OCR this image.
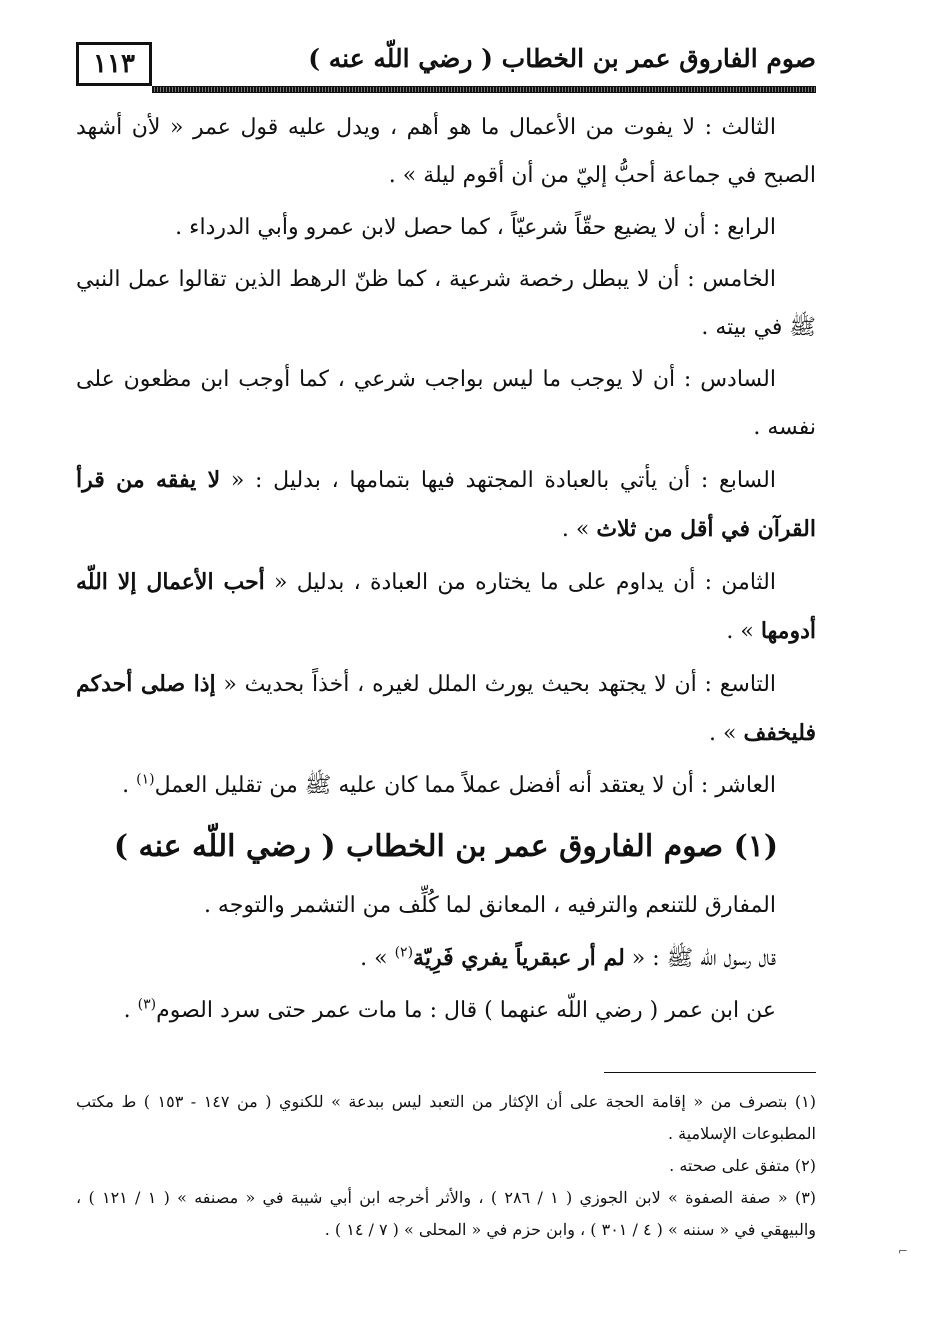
١١٣	صوم الفاروق عمر بن الخطاب ( رضي اللّه عنه )

الثالث : لا يفوت من الأعمال ما هو أهم ، ويدل عليه قول عمر « لأن أشهد الصبح في جماعة أحبُّ إليّ من أن أقوم ليلة » .

الرابع : أن لا يضيع حقّاً شرعيّاً ، كما حصل لابن عمرو وأبي الدرداء .

الخامس : أن لا يبطل رخصة شرعية ، كما ظنّ الرهط الذين تقالوا عمل النبي ﷺ في بيته .

السادس : أن لا يوجب ما ليس بواجب شرعي ، كما أوجب ابن مظعون على نفسه .

السابع : أن يأتي بالعبادة المجتهد فيها بتمامها ، بدليل : « لا يفقه من قرأ القرآن في أقل من ثلاث » .

الثامن : أن يداوم على ما يختاره من العبادة ، بدليل « أحب الأعمال إلا اللّه أدومها » .

التاسع : أن لا يجتهد بحيث يورث الملل لغيره ، أخذاً بحديث « إذا صلى أحدكم فليخفف » .

العاشر : أن لا يعتقد أنه أفضل عملاً مما كان عليه ﷺ من تقليل العمل$^{(١)}$ .

(١) صوم الفاروق عمر بن الخطاب ( رضي اللّه عنه )

المفارق للتنعم والترفيه ، المعانق لما كُلِّف من التشمر والتوجه .

قال رسول اللّه ﷺ : « لم أر عبقرياً يفري فَرِيّة$^{(٢)}$ » .

عن ابن عمر ( رضي اللّه عنهما ) قال : ما مات عمر حتى سرد الصوم$^{(٣)}$ .

(١) بتصرف من « إقامة الحجة على أن الإكثار من التعبد ليس ببدعة » للكنوي ( من ١٤٧ - ١٥٣ ) ط مكتب المطبوعات الإسلامية .

(٢) متفق على صحته .

(٣) « صفة الصفوة » لابن الجوزي ( ١ / ٢٨٦ ) ، والأثر أخرجه ابن أبي شيبة في « مصنفه » ( ١ / ١٢١ ) ، والبيهقي في « سننه » ( ٤ / ٣٠١ ) ، وابن حزم في « المحلى » ( ٧ / ١٤ ) .

⌐
